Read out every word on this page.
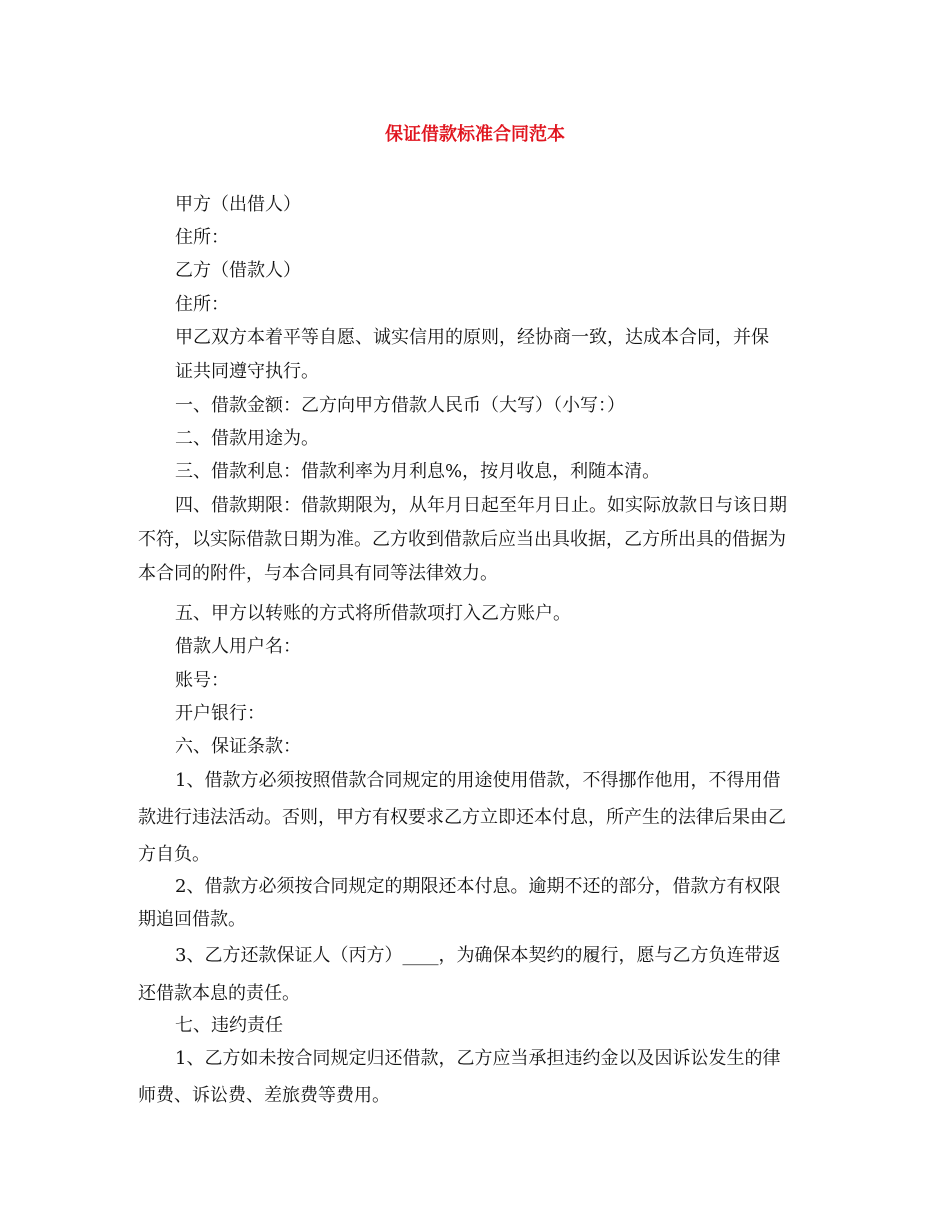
保证借款标准合同范本
甲方（出借人）
住所：
乙方（借款人）
住所：
甲乙双方本着平等自愿、诚实信用的原则，经协商一致，达成本合同，并保
证共同遵守执行。
一、借款金额：乙方向甲方借款人民币（大写）（小写：）
二、借款用途为。
三、借款利息：借款利率为月利息%，按月收息，利随本清。
四、借款期限：借款期限为，从年月日起至年月日止。如实际放款日与该日期
不符，以实际借款日期为准。乙方收到借款后应当出具收据，乙方所出具的借据为
本合同的附件，与本合同具有同等法律效力。
五、甲方以转账的方式将所借款项打入乙方账户。
借款人用户名：
账号：
开户银行：
六、保证条款：
1、借款方必须按照借款合同规定的用途使用借款，不得挪作他用，不得用借
款进行违法活动。否则，甲方有权要求乙方立即还本付息，所产生的法律后果由乙
方自负。
2、借款方必须按合同规定的期限还本付息。逾期不还的部分，借款方有权限
期追回借款。
3、乙方还款保证人（丙方）____，为确保本契约的履行，愿与乙方负连带返
还借款本息的责任。
七、违约责任
1、乙方如未按合同规定归还借款，乙方应当承担违约金以及因诉讼发生的律
师费、诉讼费、差旅费等费用。
